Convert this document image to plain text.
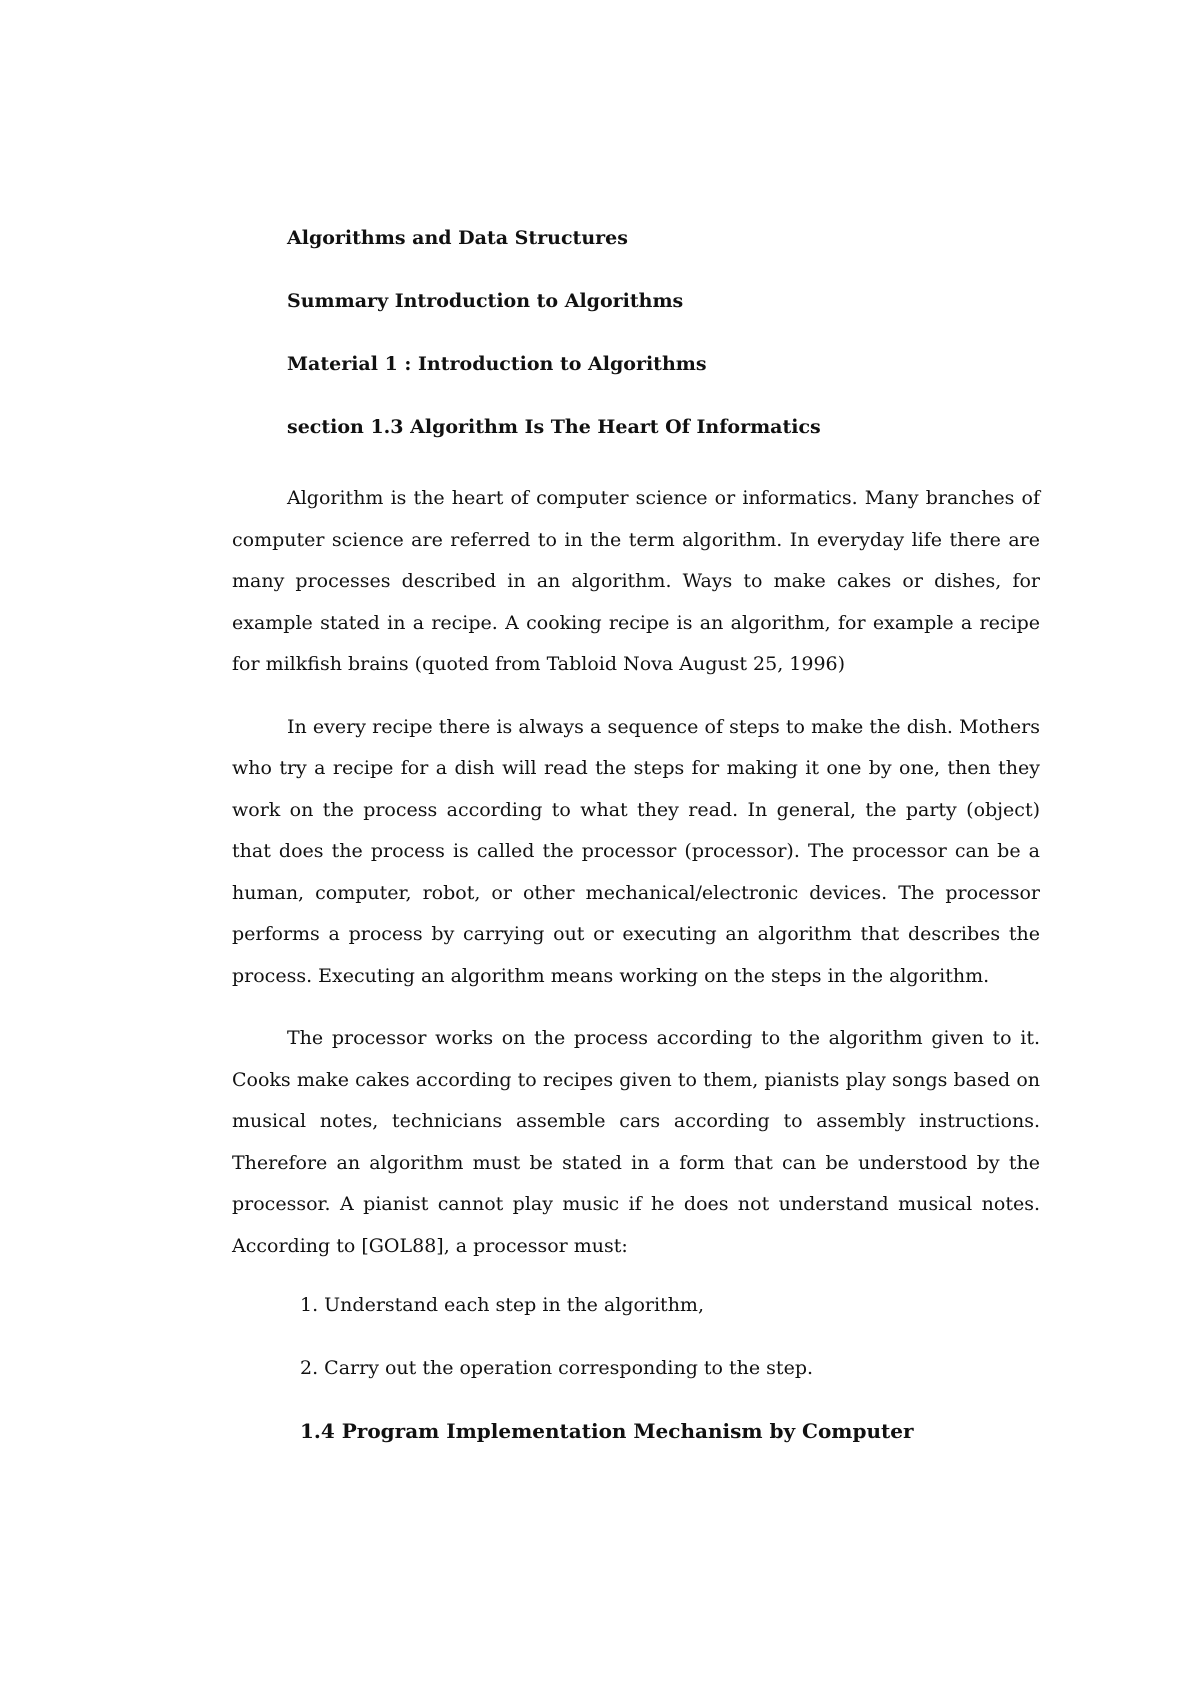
Algorithms and Data Structures
Summary Introduction to Algorithms
Material 1 : Introduction to Algorithms
section 1.3 Algorithm Is The Heart Of Informatics

Algorithm is the heart of computer science or informatics. Many branches of computer science are referred to in the term algorithm. In everyday life there are many processes described in an algorithm. Ways to make cakes or dishes, for example stated in a recipe. A cooking recipe is an algorithm, for example a recipe for milkfish brains (quoted from Tabloid Nova August 25, 1996)

In every recipe there is always a sequence of steps to make the dish. Mothers who try a recipe for a dish will read the steps for making it one by one, then they work on the process according to what they read. In general, the party (object) that does the process is called the processor (processor). The processor can be a human, computer, robot, or other mechanical/electronic devices. The processor performs a process by carrying out or executing an algorithm that describes the process. Executing an algorithm means working on the steps in the algorithm.

The processor works on the process according to the algorithm given to it. Cooks make cakes according to recipes given to them, pianists play songs based on musical notes, technicians assemble cars according to assembly instructions. Therefore an algorithm must be stated in a form that can be understood by the processor. A pianist cannot play music if he does not understand musical notes. According to [GOL88], a processor must:

1. Understand each step in the algorithm,
2. Carry out the operation corresponding to the step.
1.4 Program Implementation Mechanism by Computer
